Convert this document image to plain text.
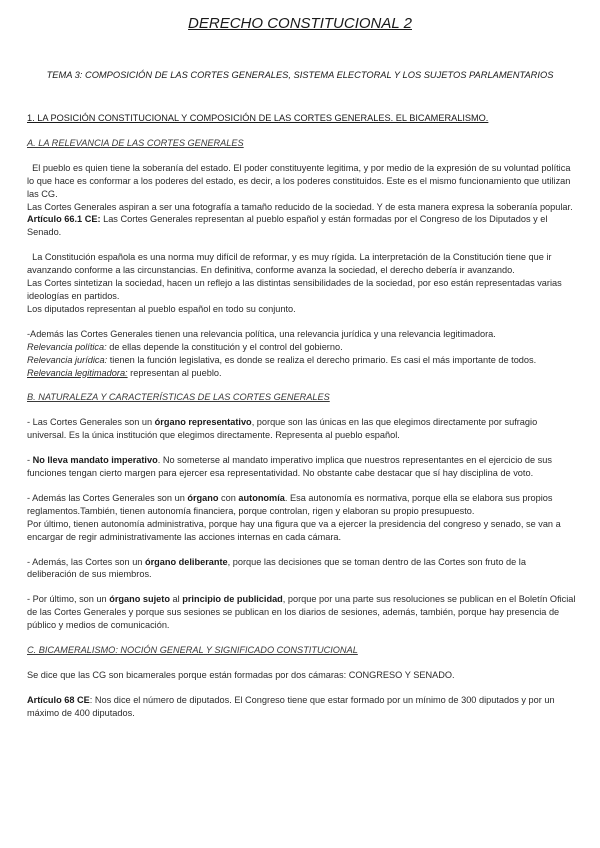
DERECHO CONSTITUCIONAL 2
TEMA 3: COMPOSICIÓN DE LAS CORTES GENERALES, SISTEMA ELECTORAL Y LOS SUJETOS PARLAMENTARIOS
1. LA POSICIÓN CONSTITUCIONAL Y COMPOSICIÓN DE LAS CORTES GENERALES. EL BICAMERALISMO.
A. LA RELEVANCIA DE LAS CORTES GENERALES
El pueblo es quien tiene la soberanía del estado. El poder constituyente legitima, y por medio de la expresión de su voluntad política lo que hace es conformar a los poderes del estado, es decir, a los poderes constituidos. Este es el mismo funcionamiento que utilizan las CG.
Las Cortes Generales aspiran a ser una fotografía a tamaño reducido de la sociedad. Y de esta manera expresa la soberanía popular.
Artículo 66.1 CE: Las Cortes Generales representan al pueblo español y están formadas por el Congreso de los Diputados y el Senado.
La Constitución española es una norma muy difícil de reformar, y es muy rígida. La interpretación de la Constitución tiene que ir avanzando conforme a las circunstancias. En definitiva, conforme avanza la sociedad, el derecho debería ir avanzando.
Las Cortes sintetizan la sociedad, hacen un reflejo a las distintas sensibilidades de la sociedad, por eso están representadas varias ideologías en partidos.
Los diputados representan al pueblo español en todo su conjunto.
-Además las Cortes Generales tienen una relevancia política, una relevancia jurídica y una relevancia legitimadora.
Relevancia política: de ellas depende la constitución y el control del gobierno.
Relevancia jurídica: tienen la función legislativa, es donde se realiza el derecho primario. Es casi el más importante de todos.
Relevancia legitimadora: representan al pueblo.
B. NATURALEZA Y CARACTERÍSTICAS DE LAS CORTES GENERALES
- Las Cortes Generales son un órgano representativo, porque son las únicas en las que elegimos directamente por sufragio universal. Es la única institución que elegimos directamente. Representa al pueblo español.
- No lleva mandato imperativo. No someterse al mandato imperativo implica que nuestros representantes en el ejercicio de sus funciones tengan cierto margen para ejercer esa representatividad. No obstante cabe destacar que sí hay disciplina de voto.
- Además las Cortes Generales son un órgano con autonomía. Esa autonomía es normativa, porque ella se elabora sus propios reglamentos.También, tienen autonomía financiera, porque controlan, rigen y elaboran su propio presupuesto.
Por último, tienen autonomía administrativa, porque hay una figura que va a ejercer la presidencia del congreso y senado, se van a encargar de regir administrativamente las acciones internas en cada cámara.
- Además, las Cortes son un órgano deliberante, porque las decisiones que se toman dentro de las Cortes son fruto de la deliberación de sus miembros.
- Por último, son un órgano sujeto al principio de publicidad, porque por una parte sus resoluciones se publican en el Boletín Oficial de las Cortes Generales y porque sus sesiones se publican en los diarios de sesiones, además, también, porque hay presencia de público y medios de comunicación.
C. BICAMERALISMO: NOCIÓN GENERAL Y SIGNIFICADO CONSTITUCIONAL
Se dice que las CG son bicamerales porque están formadas por dos cámaras: CONGRESO Y SENADO.
Artículo 68 CE: Nos dice el número de diputados. El Congreso tiene que estar formado por un mínimo de 300 diputados y por un máximo de 400 diputados.
